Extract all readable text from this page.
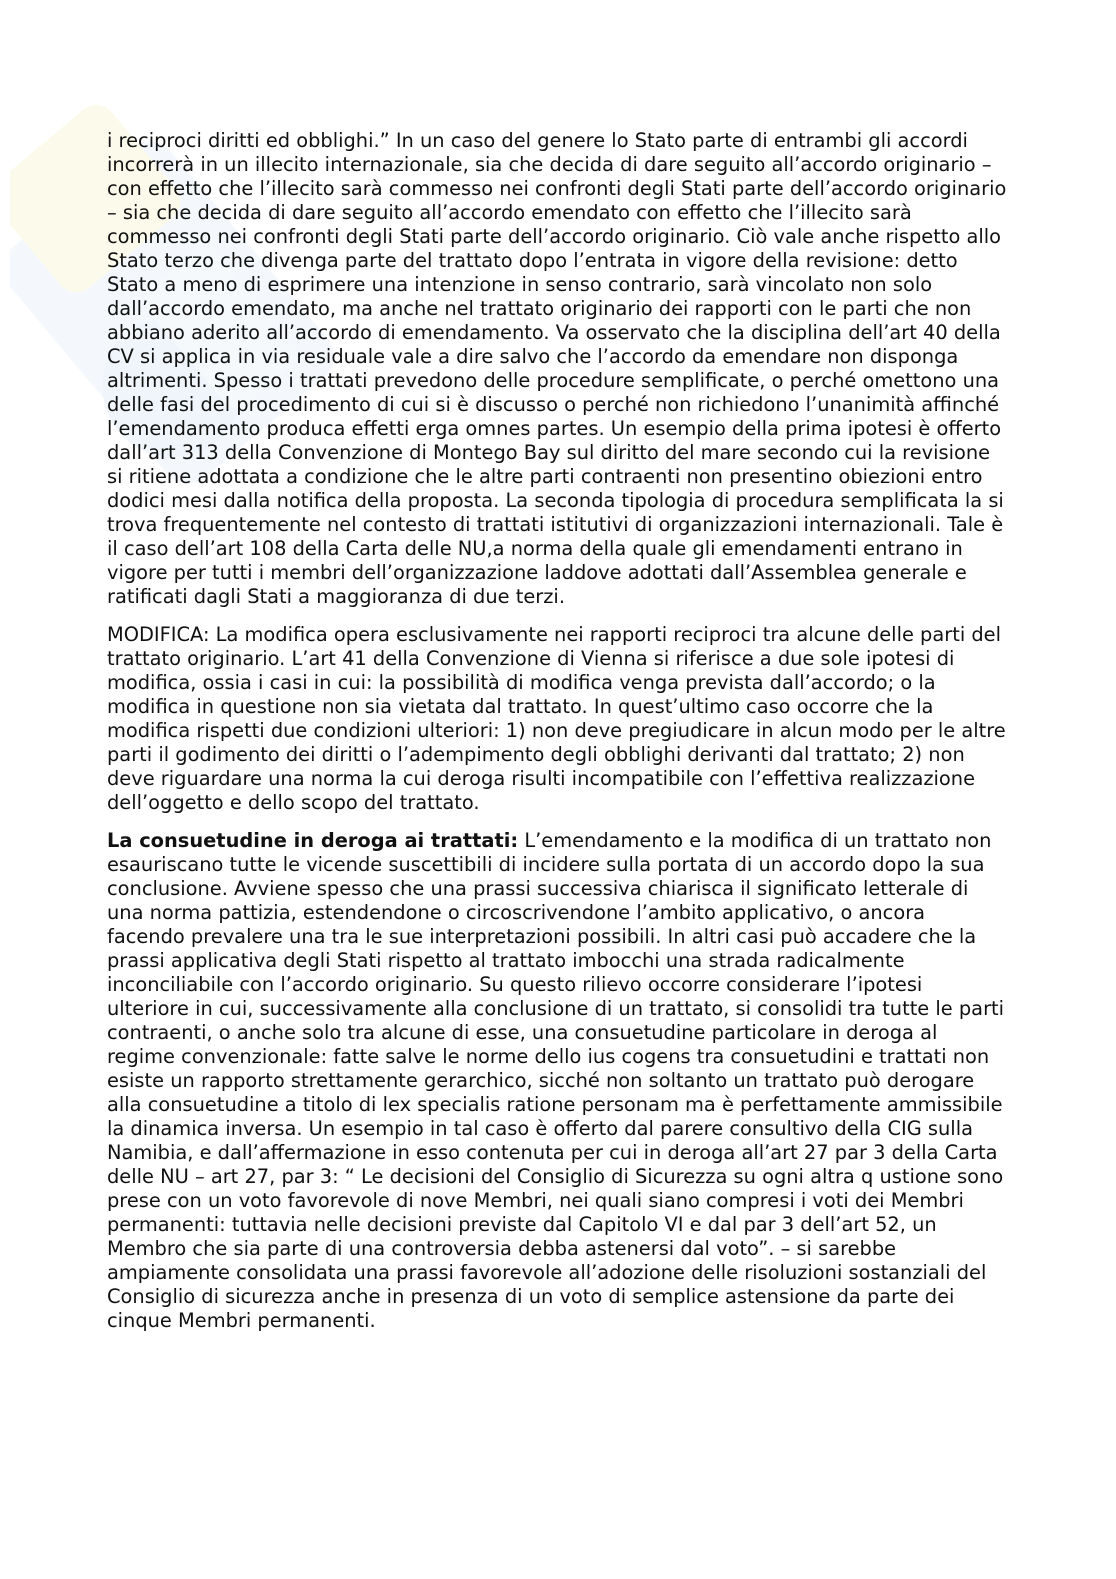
i reciproci diritti ed obblighi.” In un caso del genere lo Stato parte di entrambi gli accordi incorrerà in un illecito internazionale, sia che decida di dare seguito all’accordo originario – con effetto che l’illecito sarà commesso nei confronti degli Stati parte dell’accordo originario – sia che decida di dare seguito all’accordo emendato con effetto che l’illecito sarà commesso nei confronti degli Stati parte dell’accordo originario. Ciò vale anche rispetto allo Stato terzo che divenga parte del trattato dopo l’entrata in vigore della revisione: detto Stato a meno di esprimere una intenzione in senso contrario, sarà vincolato non solo dall’accordo emendato, ma anche nel trattato originario dei rapporti con le parti che non abbiano aderito all’accordo di emendamento. Va osservato che la disciplina dell’art 40 della CV si applica in via residuale vale a dire salvo che l’accordo da emendare non disponga altrimenti. Spesso i trattati prevedono delle procedure semplificate, o perché omettono una delle fasi del procedimento di cui si è discusso o perché non richiedono l’unanimità affinché l’emendamento produca effetti erga omnes partes. Un esempio della prima ipotesi è offerto dall’art 313 della Convenzione di Montego Bay sul diritto del mare secondo cui la revisione si ritiene adottata a condizione che le altre parti contraenti non presentino obiezioni entro dodici mesi dalla notifica della proposta. La seconda tipologia di procedura semplificata la si trova frequentemente nel contesto di trattati istitutivi di organizzazioni internazionali. Tale è il caso dell’art 108 della Carta delle NU,a norma della quale gli emendamenti entrano in vigore per tutti i membri dell’organizzazione laddove adottati dall’Assemblea generale e ratificati dagli Stati a maggioranza di due terzi.

MODIFICA: La modifica opera esclusivamente nei rapporti reciproci tra alcune delle parti del trattato originario. L’art 41 della Convenzione di Vienna si riferisce a due sole ipotesi di modifica, ossia i casi in cui: la possibilità di modifica venga prevista dall’accordo; o la modifica in questione non sia vietata dal trattato. In quest’ultimo caso occorre che la modifica rispetti due condizioni ulteriori: 1) non deve pregiudicare in alcun modo per le altre parti il godimento dei diritti o l’adempimento degli obblighi derivanti dal trattato; 2) non deve riguardare una norma la cui deroga risulti incompatibile con l’effettiva realizzazione dell’oggetto e dello scopo del trattato.

La consuetudine in deroga ai trattati: L’emendamento e la modifica di un trattato non esauriscano tutte le vicende suscettibili di incidere sulla portata di un accordo dopo la sua conclusione. Avviene spesso che una prassi successiva chiarisca il significato letterale di una norma pattizia, estendendone o circoscrivendone l’ambito applicativo, o ancora facendo prevalere una tra le sue interpretazioni possibili. In altri casi può accadere che la prassi applicativa degli Stati rispetto al trattato imbocchi una strada radicalmente inconciliabile con l’accordo originario. Su questo rilievo occorre considerare l’ipotesi ulteriore in cui, successivamente alla conclusione di un trattato, si consolidi tra tutte le parti contraenti, o anche solo tra alcune di esse, una consuetudine particolare in deroga al regime convenzionale: fatte salve le norme dello ius cogens tra consuetudini e trattati non esiste un rapporto strettamente gerarchico, sicché non soltanto un trattato può derogare alla consuetudine a titolo di lex specialis ratione personam ma è perfettamente ammissibile la dinamica inversa. Un esempio in tal caso è offerto dal parere consultivo della CIG sulla Namibia, e dall’affermazione in esso contenuta per cui in deroga all’art 27 par 3 della Carta delle NU – art 27, par 3: “ Le decisioni del Consiglio di Sicurezza su ogni altra q ustione sono prese con un voto favorevole di nove Membri, nei quali siano compresi i voti dei Membri permanenti: tuttavia nelle decisioni previste dal Capitolo VI e dal par 3 dell’art 52, un Membro che sia parte di una controversia debba astenersi dal voto”. – si sarebbe ampiamente consolidata una prassi favorevole all’adozione delle risoluzioni sostanziali del Consiglio di sicurezza anche in presenza di un voto di semplice astensione da parte dei cinque Membri permanenti.
